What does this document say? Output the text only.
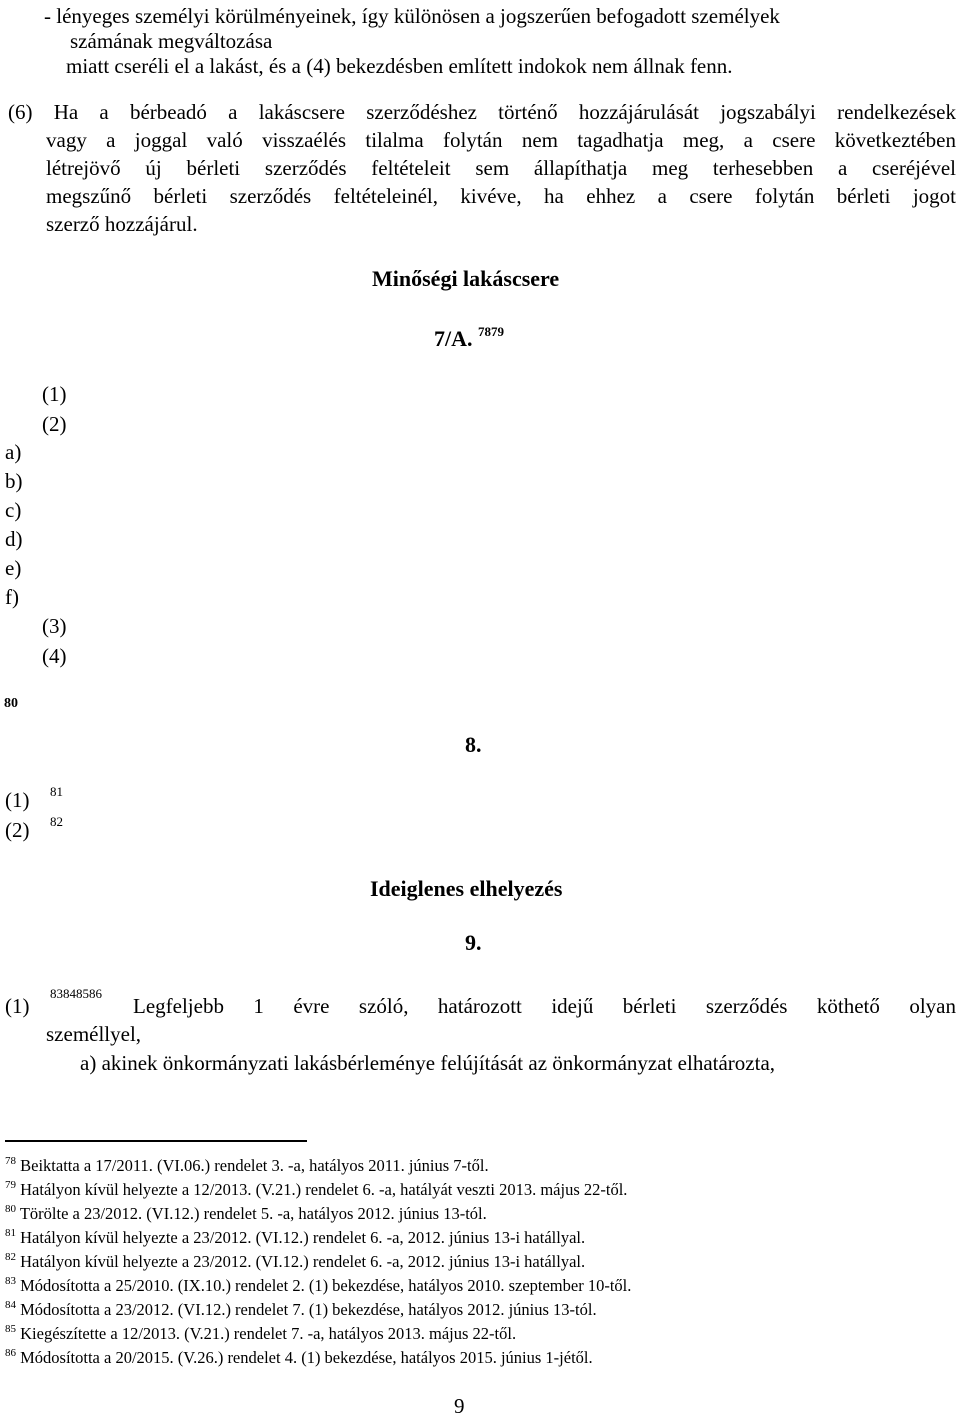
- lényeges személyi körülményeinek, így különösen a jogszerűen befogadott személyek
számának megváltozása
miatt cseréli el a lakást, és a (4) bekezdésben említett indokok nem állnak fenn.
(6) Ha a bérbeadó a lakáscsere szerződéshez történő hozzájárulását jogszabályi rendelkezések
vagy a joggal való visszaélés tilalma folytán nem tagadhatja meg, a csere következtében
létrejövő új bérleti szerződés feltételeit sem állapíthatja meg terhesebben a cseréjével
megszűnő bérleti szerződés feltételeinél, kivéve, ha ehhez a csere folytán bérleti jogot
szerző hozzájárul.
Minőségi lakáscsere
7/A. $^{7879}$
(1)
(2)
a)
b)
c)
d)
e)
f)
(3)
(4)
80
8.
(1) 81
(2) 82
Ideiglenes elhelyezés
9.
(1)
83848586
Legfeljebb 1 évre szóló, határozott idejű bérleti szerződés köthető olyan
személlyel,
a) akinek önkormányzati lakásbérleménye felújítását az önkormányzat elhatározta,
$^{78}$ Beiktatta a 17/2011. (VI.06.) rendelet 3. -a, hatályos 2011. június 7-től.
$^{79}$ Hatályon kívül helyezte a 12/2013. (V.21.) rendelet 6. -a, hatályát veszti 2013. május 22-től.
$^{80}$ Törölte a 23/2012. (VI.12.) rendelet 5. -a, hatályos 2012. június 13-tól.
$^{81}$ Hatályon kívül helyezte a 23/2012. (VI.12.) rendelet 6. -a, 2012. június 13-i hatállyal.
$^{82}$ Hatályon kívül helyezte a 23/2012. (VI.12.) rendelet 6. -a, 2012. június 13-i hatállyal.
$^{83}$ Módosította a 25/2010. (IX.10.) rendelet 2. (1) bekezdése, hatályos 2010. szeptember 10-től.
$^{84}$ Módosította a 23/2012. (VI.12.) rendelet 7. (1) bekezdése, hatályos 2012. június 13-tól.
$^{85}$ Kiegészítette a 12/2013. (V.21.) rendelet 7. -a, hatályos 2013. május 22-től.
$^{86}$ Módosította a 20/2015. (V.26.) rendelet 4. (1) bekezdése, hatályos 2015. június 1-jétől.
9
